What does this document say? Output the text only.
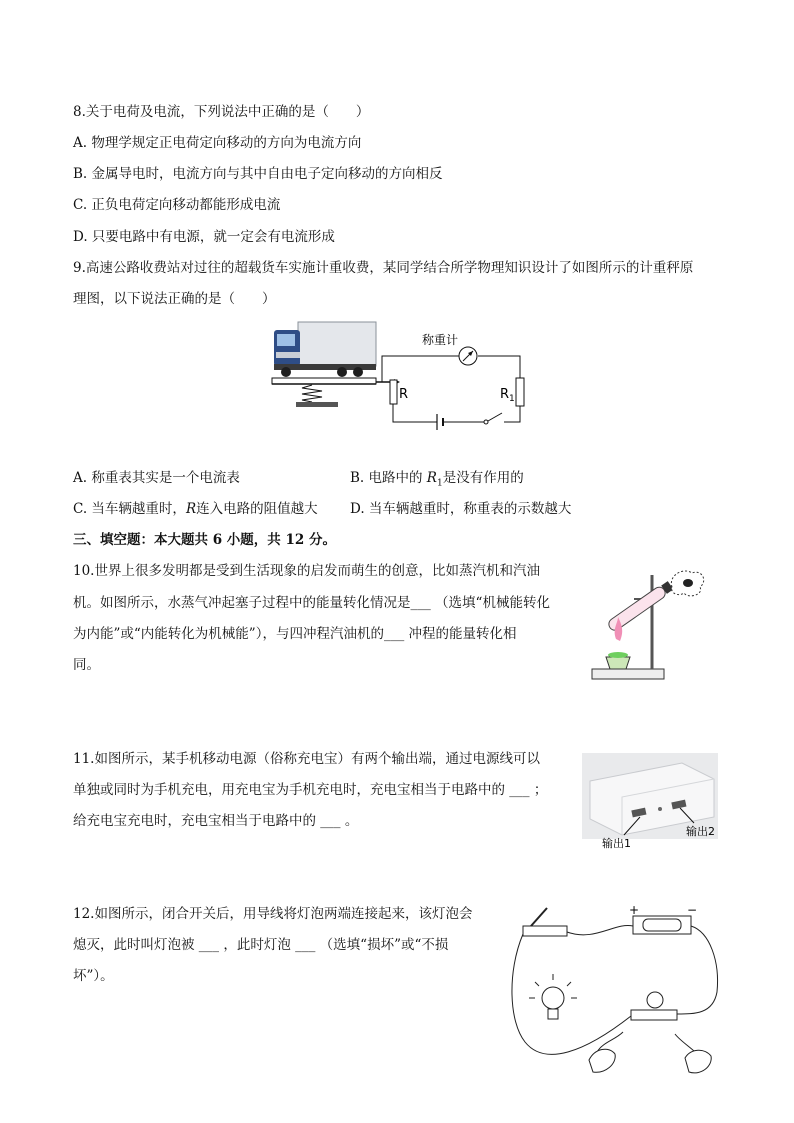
8.关于电荷及电流，下列说法中正确的是（　　）
A. 物理学规定正电荷定向移动的方向为电流方向
B. 金属导电时，电流方向与其中自由电子定向移动的方向相反
C. 正负电荷定向移动都能形成电流
D. 只要电路中有电源，就一定会有电流形成
9.高速公路收费站对过往的超载货车实施计重收费，某同学结合所学物理知识设计了如图所示的计重秤原
理图，以下说法正确的是（　　）
R
称重计
$R_1$
A. 称重表其实是一个电流表	B. 电路中的 $R_1$是没有作用的
C. 当车辆越重时，R连入电路的阻值越大 D. 当车辆越重时，称重表的示数越大
三、填空题：本大题共 6 小题，共 12 分。
10.世界上很多发明都是受到生活现象的启发而萌生的创意，比如蒸汽机和汽油
机。如图所示，水蒸气冲起塞子过程中的能量转化情况是___ （选填“机械能转化
为内能”或“内能转化为机械能”），与四冲程汽油机的___ 冲程的能量转化相
同。
11.如图所示，某手机移动电源（俗称充电宝）有两个输出端，通过电源线可以
单独或同时为手机充电，用充电宝为手机充电时，充电宝相当于电路中的 ___ ；
给充电宝充电时，充电宝相当于电路中的 ___ 。
输出1
输出2
12.如图所示，闭合开关后，用导线将灯泡两端连接起来，该灯泡会
熄灭，此时叫灯泡被 ___ ，此时灯泡 ___ （选填“损坏”或“不损
坏”）。
+	−
